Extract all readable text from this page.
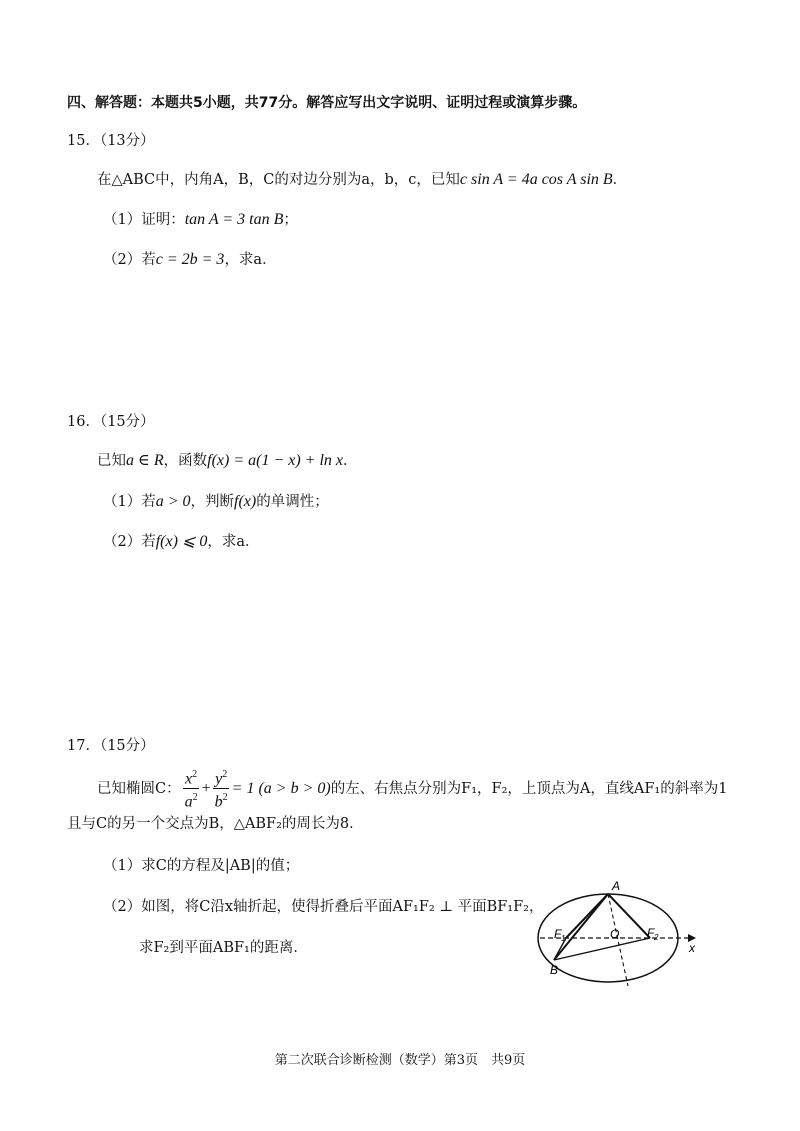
四、解答题：本题共5小题，共77分。解答应写出文字说明、证明过程或演算步骤。
15．（13分）
在△ABC中，内角A，B，C的对边分别为a，b，c，已知c sin A = 4a cos A sin B．
（1）证明：tan A = 3 tan B；
（2）若c = 2b = 3，求a．
16．（15分）
已知a ∈ R，函数f(x) = a(1 − x) + ln x．
（1）若a > 0，判断f(x)的单调性；
（2）若f(x) ⩽ 0，求a．
17．（15分）
已知椭圆C： $\frac{x^2}{a^2} + \frac{y^2}{b^2} = 1$ (a > b > 0)的左、右焦点分别为F₁，F₂，上顶点为A，直线AF₁的斜率为1
且与C的另一个交点为B，△ABF₂的周长为8．
（1）求C的方程及|AB|的值；
（2）如图，将C沿x轴折起，使得折叠后平面AF₁F₂ ⊥ 平面BF₁F₂，
求F₂到平面ABF₁的距离．
A
B
O
F 1	F 2
x
第二次联合诊断检测（数学）第3页　共9页
